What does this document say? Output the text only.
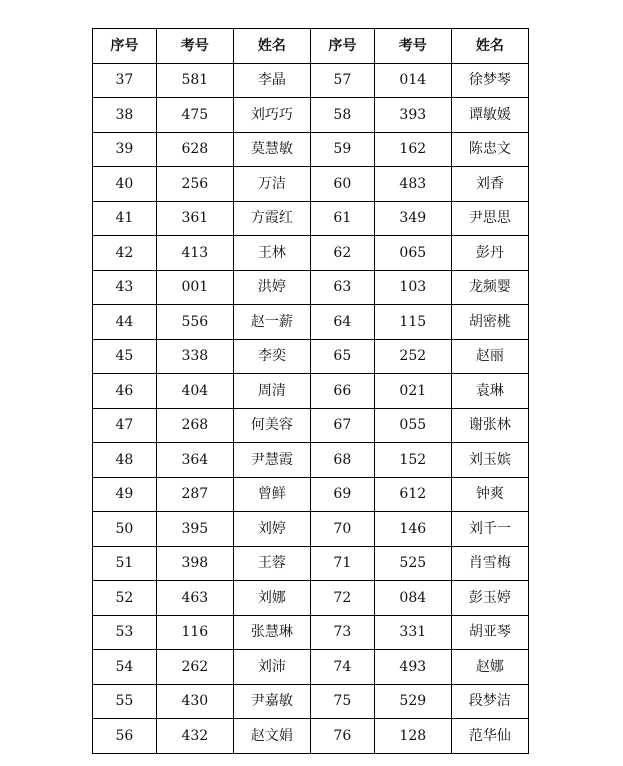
序号	考号	姓名	序号	考号	姓名
37	581	李晶	57	014	徐梦琴
38	475	刘巧巧	58	393	谭敏媛
39	628	莫慧敏	59	162	陈忠文
40	256	万洁	60	483	刘香
41	361	方霞红	61	349	尹思思
42	413	王林	62	065	彭丹
43	001	洪婷	63	103	龙频婴
44	556	赵一薪	64	115	胡密桃
45	338	李奕	65	252	赵丽
46	404	周清	66	021	袁琳
47	268	何美容	67	055	谢张林
48	364	尹慧霞	68	152	刘玉嫔
49	287	曾鲜	69	612	钟爽
50	395	刘婷	70	146	刘千一
51	398	王蓉	71	525	肖雪梅
52	463	刘娜	72	084	彭玉婷
53	116	张慧琳	73	331	胡亚琴
54	262	刘沛	74	493	赵娜
55	430	尹嘉敏	75	529	段梦洁
56	432	赵文娟	76	128	范华仙
